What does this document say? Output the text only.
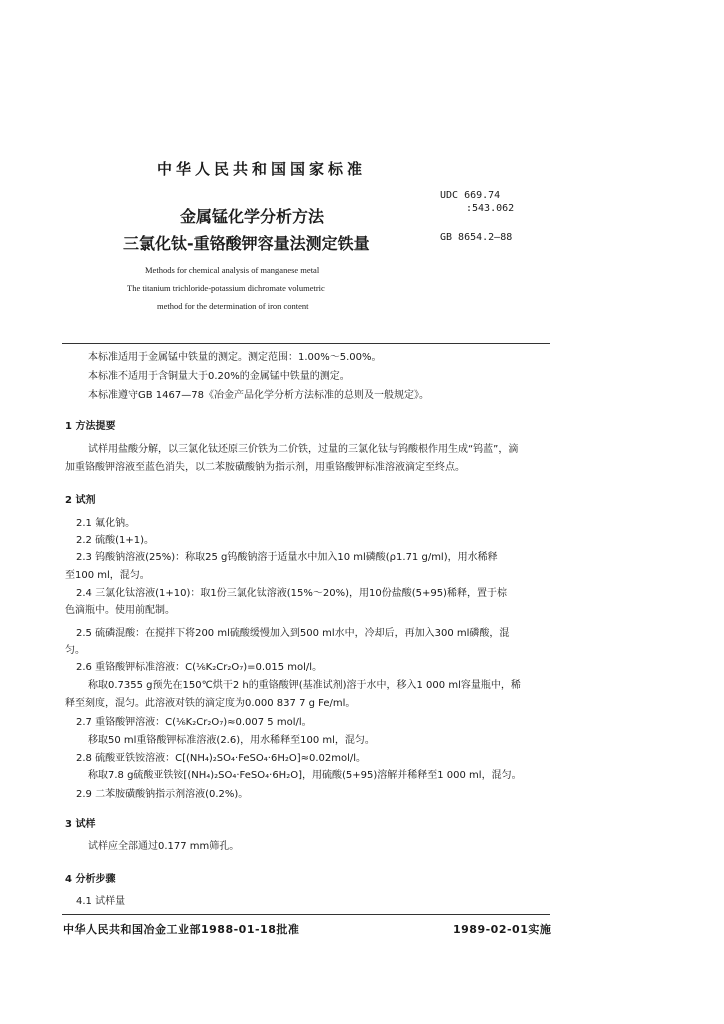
中华人民共和国国家标准
金属锰化学分析方法
三氯化钛-重铬酸钾容量法测定铁量
UDC 669.74
:543.062
GB 8654.2—88
Methods for chemical analysis of manganese metal
The titanium trichloride-potassium dichromate volumetric
method for the determination of iron content
本标准适用于金属锰中铁量的测定。测定范围：1.00%～5.00%。
本标准不适用于含铜量大于0.20%的金属锰中铁量的测定。
本标准遵守GB 1467—78《冶金产品化学分析方法标准的总则及一般规定》。
1 方法提要
试样用盐酸分解，以三氯化钛还原三价铁为二价铁，过量的三氯化钛与钨酸根作用生成“钨蓝”，滴
加重铬酸钾溶液至蓝色消失，以二苯胺磺酸钠为指示剂，用重铬酸钾标准溶液滴定至终点。
2 试剂
2.1 氟化钠。
2.2 硫酸(1+1)。
2.3 钨酸钠溶液(25%)：称取25 g钨酸钠溶于适量水中加入10 ml磷酸(ρ1.71 g/ml)，用水稀释
至100 ml，混匀。
2.4 三氯化钛溶液(1+10)：取1份三氯化钛溶液(15%～20%)，用10份盐酸(5+95)稀释，置于棕
色滴瓶中。使用前配制。
2.5 硫磷混酸：在搅拌下将200 ml硫酸缓慢加入到500 ml水中，冷却后，再加入300 ml磷酸，混
匀。
2.6 重铬酸钾标准溶液：C(⅙K₂Cr₂O₇)=0.015 mol/l。
称取0.7355 g预先在150℃烘干2 h的重铬酸钾(基准试剂)溶于水中，移入1 000 ml容量瓶中，稀
释至刻度，混匀。此溶液对铁的滴定度为0.000 837 7 g Fe/ml。
2.7 重铬酸钾溶液：C(⅙K₂Cr₂O₇)≈0.007 5 mol/l。
移取50 ml重铬酸钾标准溶液(2.6)，用水稀释至100 ml，混匀。
2.8 硫酸亚铁铵溶液：C[(NH₄)₂SO₄·FeSO₄·6H₂O]≈0.02mol/l。
称取7.8 g硫酸亚铁铵[(NH₄)₂SO₄·FeSO₄·6H₂O]，用硫酸(5+95)溶解并稀释至1 000 ml，混匀。
2.9 二苯胺磺酸钠指示剂溶液(0.2%)。
3 试样
试样应全部通过0.177 mm筛孔。
4 分析步骤
4.1 试样量
中华人民共和国冶金工业部1988-01-18批准	1989-02-01实施
